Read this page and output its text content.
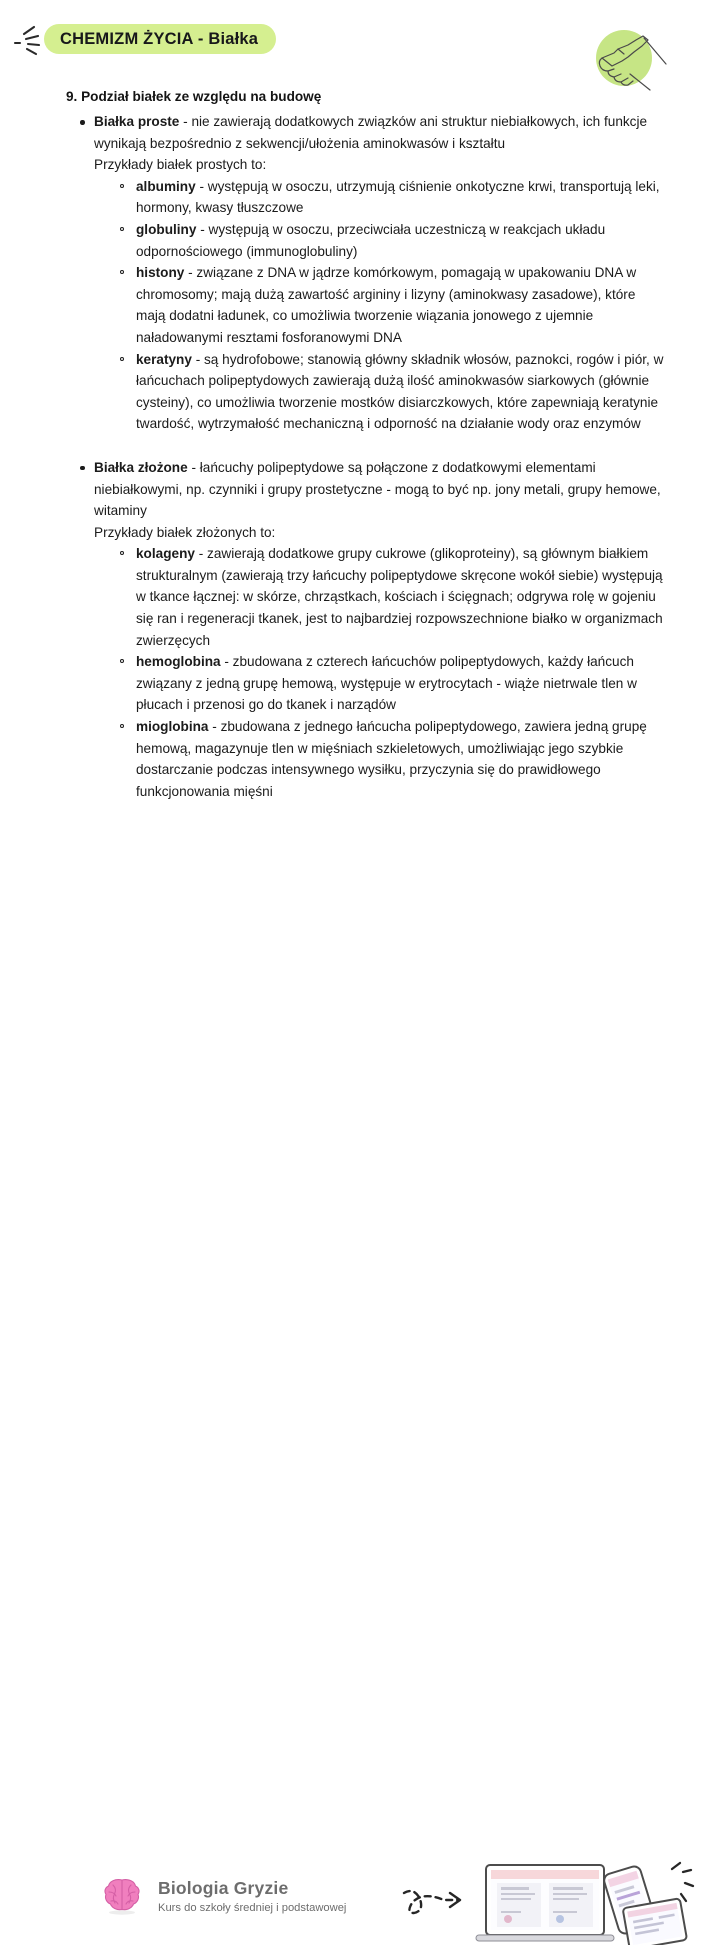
CHEMIZM ŻYCIA - Białka
9. Podział białek ze względu na budowę
Białka proste - nie zawierają dodatkowych związków ani struktur niebiałkowych, ich funkcje wynikają bezpośrednio z sekwencji/ułożenia aminokwasów i kształtu
Przykłady białek prostych to:
albuminy - występują w osoczu, utrzymują ciśnienie onkotyczne krwi, transportują leki, hormony, kwasy tłuszczowe
globuliny - występują w osoczu, przeciwciała uczestniczą w reakcjach układu odpornościowego (immunoglobuliny)
histony - związane z DNA w jądrze komórkowym, pomagają w upakowaniu DNA w chromosomy; mają dużą zawartość argininy i lizyny (aminokwasy zasadowe), które mają dodatni ładunek, co umożliwia tworzenie wiązania jonowego z ujemnie naładowanymi resztami fosforanowymi DNA
keratyny - są hydrofobowe; stanowią główny składnik włosów, paznokci, rogów i piór, w łańcuchach polipeptydowych zawierają dużą ilość aminokwasów siarkowych (głównie cysteiny), co umożliwia tworzenie mostków disiarczkowych, które zapewniają keratynie twardość, wytrzymałość mechaniczną i odporność na działanie wody oraz enzymów
Białka złożone - łańcuchy polipeptydowe są połączone z dodatkowymi elementami niebiałkowymi, np. czynniki i grupy prostetyczne - mogą to być np. jony metali, grupy hemowe, witaminy
Przykłady białek złożonych to:
kolageny - zawierają dodatkowe grupy cukrowe (glikoproteiny), są głównym białkiem strukturalnym (zawierają trzy łańcuchy polipeptydowe skręcone wokół siebie) występują w tkance łącznej: w skórze, chrząstkach, kościach i ścięgnach; odgrywa rolę w gojeniu się ran i regeneracji tkanek, jest to najbardziej rozpowszechnione białko w organizmach zwierzęcych
hemoglobina - zbudowana z czterech łańcuchów polipeptydowych, każdy łańcuch związany z jedną grupę hemową, występuje w erytrocytach - wiąże nietrwale tlen w płucach i przenosi go do tkanek i narządów
mioglobina - zbudowana z jednego łańcucha polipeptydowego, zawiera jedną grupę hemową, magazynuje tlen w mięśniach szkieletowych, umożliwiając jego szybkie dostarczanie podczas intensywnego wysiłku, przyczynia się do prawidłowego funkcjonowania mięśni
Biologia Gryzie
Kurs do szkoły średniej i podstawowej
